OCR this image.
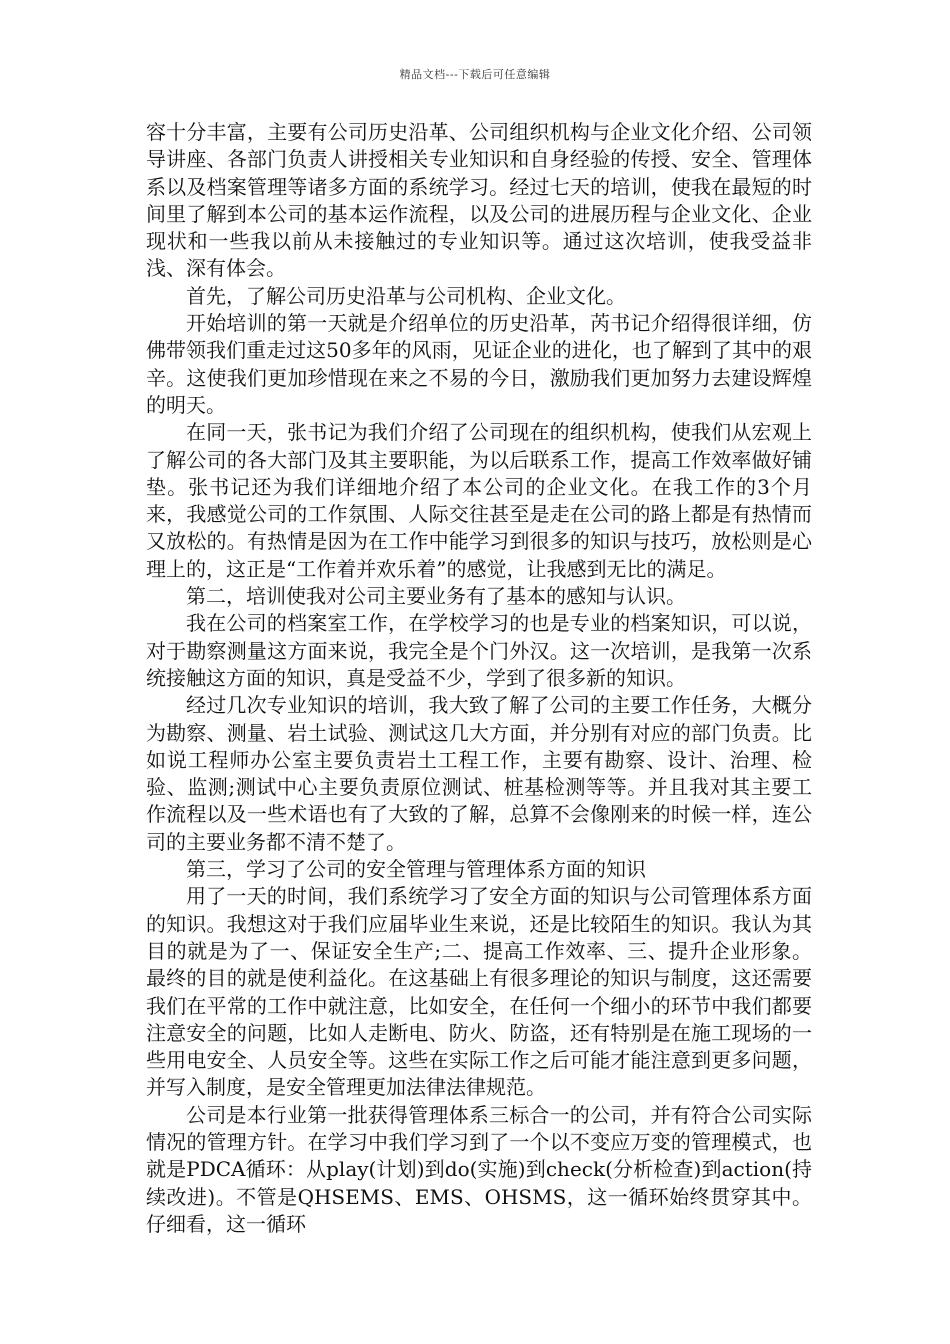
精品文档---下载后可任意编辑

容十分丰富，主要有公司历史沿革、公司组织机构与企业文化介绍、公司领导讲座、各部门负责人讲授相关专业知识和自身经验的传授、安全、管理体系以及档案管理等诸多方面的系统学习。经过七天的培训，使我在最短的时间里了解到本公司的基本运作流程，以及公司的进展历程与企业文化、企业现状和一些我以前从未接触过的专业知识等。通过这次培训，使我受益非浅、深有体会。

首先，了解公司历史沿革与公司机构、企业文化。

开始培训的第一天就是介绍单位的历史沿革，芮书记介绍得很详细，仿佛带领我们重走过这50多年的风雨，见证企业的进化，也了解到了其中的艰辛。这使我们更加珍惜现在来之不易的今日，激励我们更加努力去建设辉煌的明天。

在同一天，张书记为我们介绍了公司现在的组织机构，使我们从宏观上了解公司的各大部门及其主要职能，为以后联系工作，提高工作效率做好铺垫。张书记还为我们详细地介绍了本公司的企业文化。在我工作的3个月来，我感觉公司的工作氛围、人际交往甚至是走在公司的路上都是有热情而又放松的。有热情是因为在工作中能学习到很多的知识与技巧，放松则是心理上的，这正是“工作着并欢乐着”的感觉，让我感到无比的满足。

第二，培训使我对公司主要业务有了基本的感知与认识。

我在公司的档案室工作，在学校学习的也是专业的档案知识，可以说，对于勘察测量这方面来说，我完全是个门外汉。这一次培训，是我第一次系统接触这方面的知识，真是受益不少，学到了很多新的知识。

经过几次专业知识的培训，我大致了解了公司的主要工作任务，大概分为勘察、测量、岩土试验、测试这几大方面，并分别有对应的部门负责。比如说工程师办公室主要负责岩土工程工作，主要有勘察、设计、治理、检验、监测;测试中心主要负责原位测试、桩基检测等等。并且我对其主要工作流程以及一些术语也有了大致的了解，总算不会像刚来的时候一样，连公司的主要业务都不清不楚了。

第三，学习了公司的安全管理与管理体系方面的知识

用了一天的时间，我们系统学习了安全方面的知识与公司管理体系方面的知识。我想这对于我们应届毕业生来说，还是比较陌生的知识。我认为其目的就是为了一、保证安全生产;二、提高工作效率、三、提升企业形象。最终的目的就是使利益化。在这基础上有很多理论的知识与制度，这还需要我们在平常的工作中就注意，比如安全，在任何一个细小的环节中我们都要注意安全的问题，比如人走断电、防火、防盗，还有特别是在施工现场的一些用电安全、人员安全等。这些在实际工作之后可能才能注意到更多问题，并写入制度，是安全管理更加法律法律规范。

公司是本行业第一批获得管理体系三标合一的公司，并有符合公司实际情况的管理方针。在学习中我们学习到了一个以不变应万变的管理模式，也就是PDCA循环：从play(计划)到do(实施)到check(分析检查)到action(持续改进)。不管是QHSEMS、EMS、OHSMS，这一循环始终贯穿其中。仔细看，这一循环
